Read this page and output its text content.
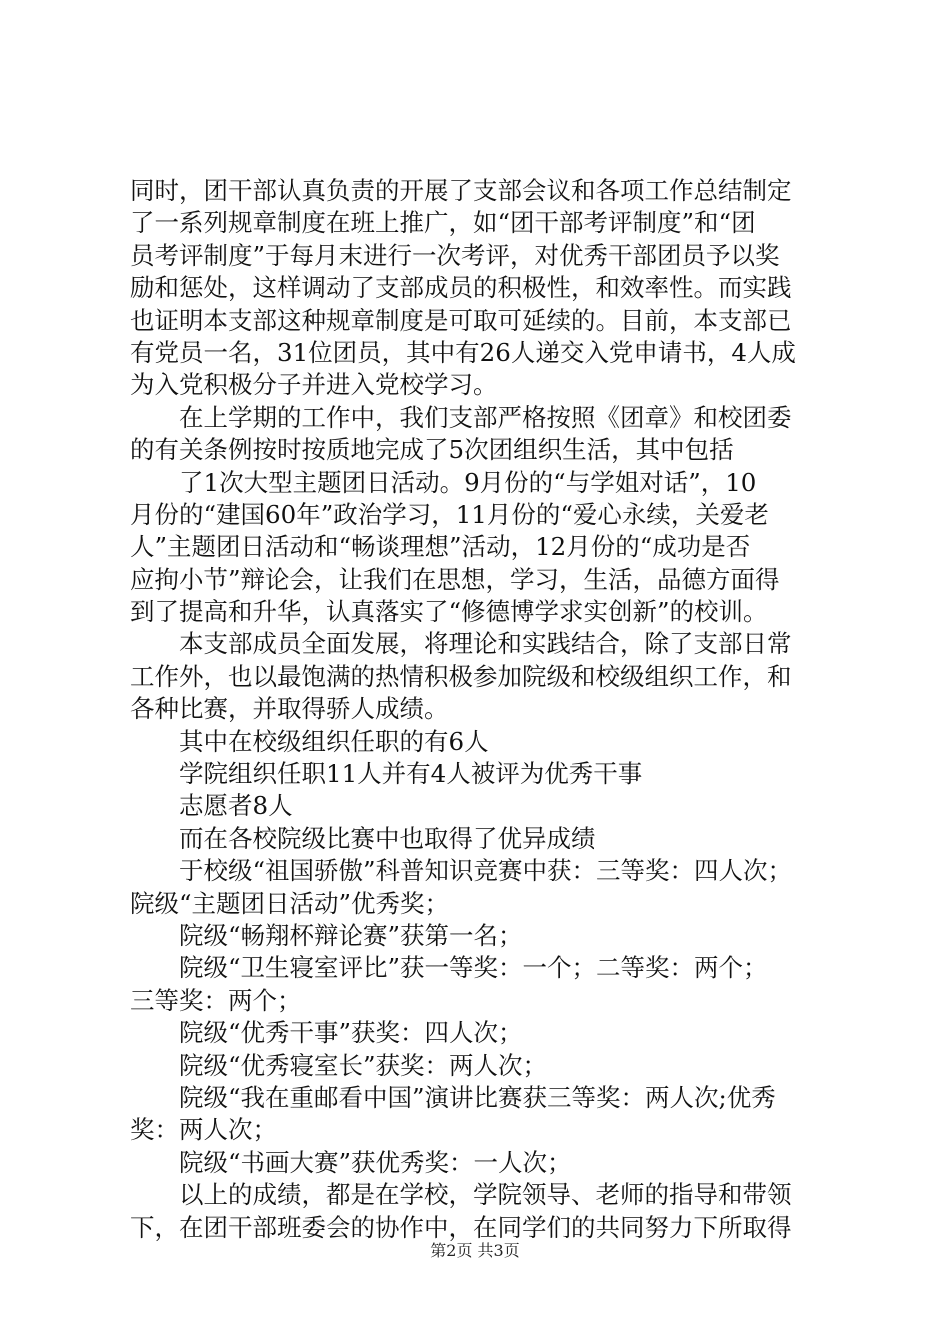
同时，团干部认真负责的开展了支部会议和各项工作总结制定
了一系列规章制度在班上推广，如“团干部考评制度”和“团
员考评制度”于每月末进行一次考评，对优秀干部团员予以奖
励和惩处，这样调动了支部成员的积极性，和效率性。而实践
也证明本支部这种规章制度是可取可延续的。目前，本支部已
有党员一名，31位团员，其中有26人递交入党申请书，4人成
为入党积极分子并进入党校学习。
　　在上学期的工作中，我们支部严格按照《团章》和校团委
的有关条例按时按质地完成了5次团组织生活，其中包括
　　了1次大型主题团日活动。9月份的“与学姐对话”，10
月份的“建国60年”政治学习，11月份的“爱心永续，关爱老
人”主题团日活动和“畅谈理想”活动，12月份的“成功是否
应拘小节”辩论会，让我们在思想，学习，生活，品德方面得
到了提高和升华，认真落实了“修德博学求实创新”的校训。
　　本支部成员全面发展，将理论和实践结合，除了支部日常
工作外，也以最饱满的热情积极参加院级和校级组织工作，和
各种比赛，并取得骄人成绩。
　　其中在校级组织任职的有6人
　　学院组织任职11人并有4人被评为优秀干事
　　志愿者8人
　　而在各校院级比赛中也取得了优异成绩
　　于校级“祖国骄傲”科普知识竞赛中获：三等奖：四人次；
院级“主题团日活动”优秀奖；
　　院级“畅翔杯辩论赛”获第一名；
　　院级“卫生寝室评比”获一等奖：一个；二等奖：两个；
三等奖：两个；
　　院级“优秀干事”获奖：四人次；
　　院级“优秀寝室长”获奖：两人次；
　　院级“我在重邮看中国”演讲比赛获三等奖：两人次;优秀
奖：两人次；
　　院级“书画大赛”获优秀奖：一人次；
　　以上的成绩，都是在学校，学院领导、老师的指导和带领
下，在团干部班委会的协作中，在同学们的共同努力下所取得
第2页 共3页
